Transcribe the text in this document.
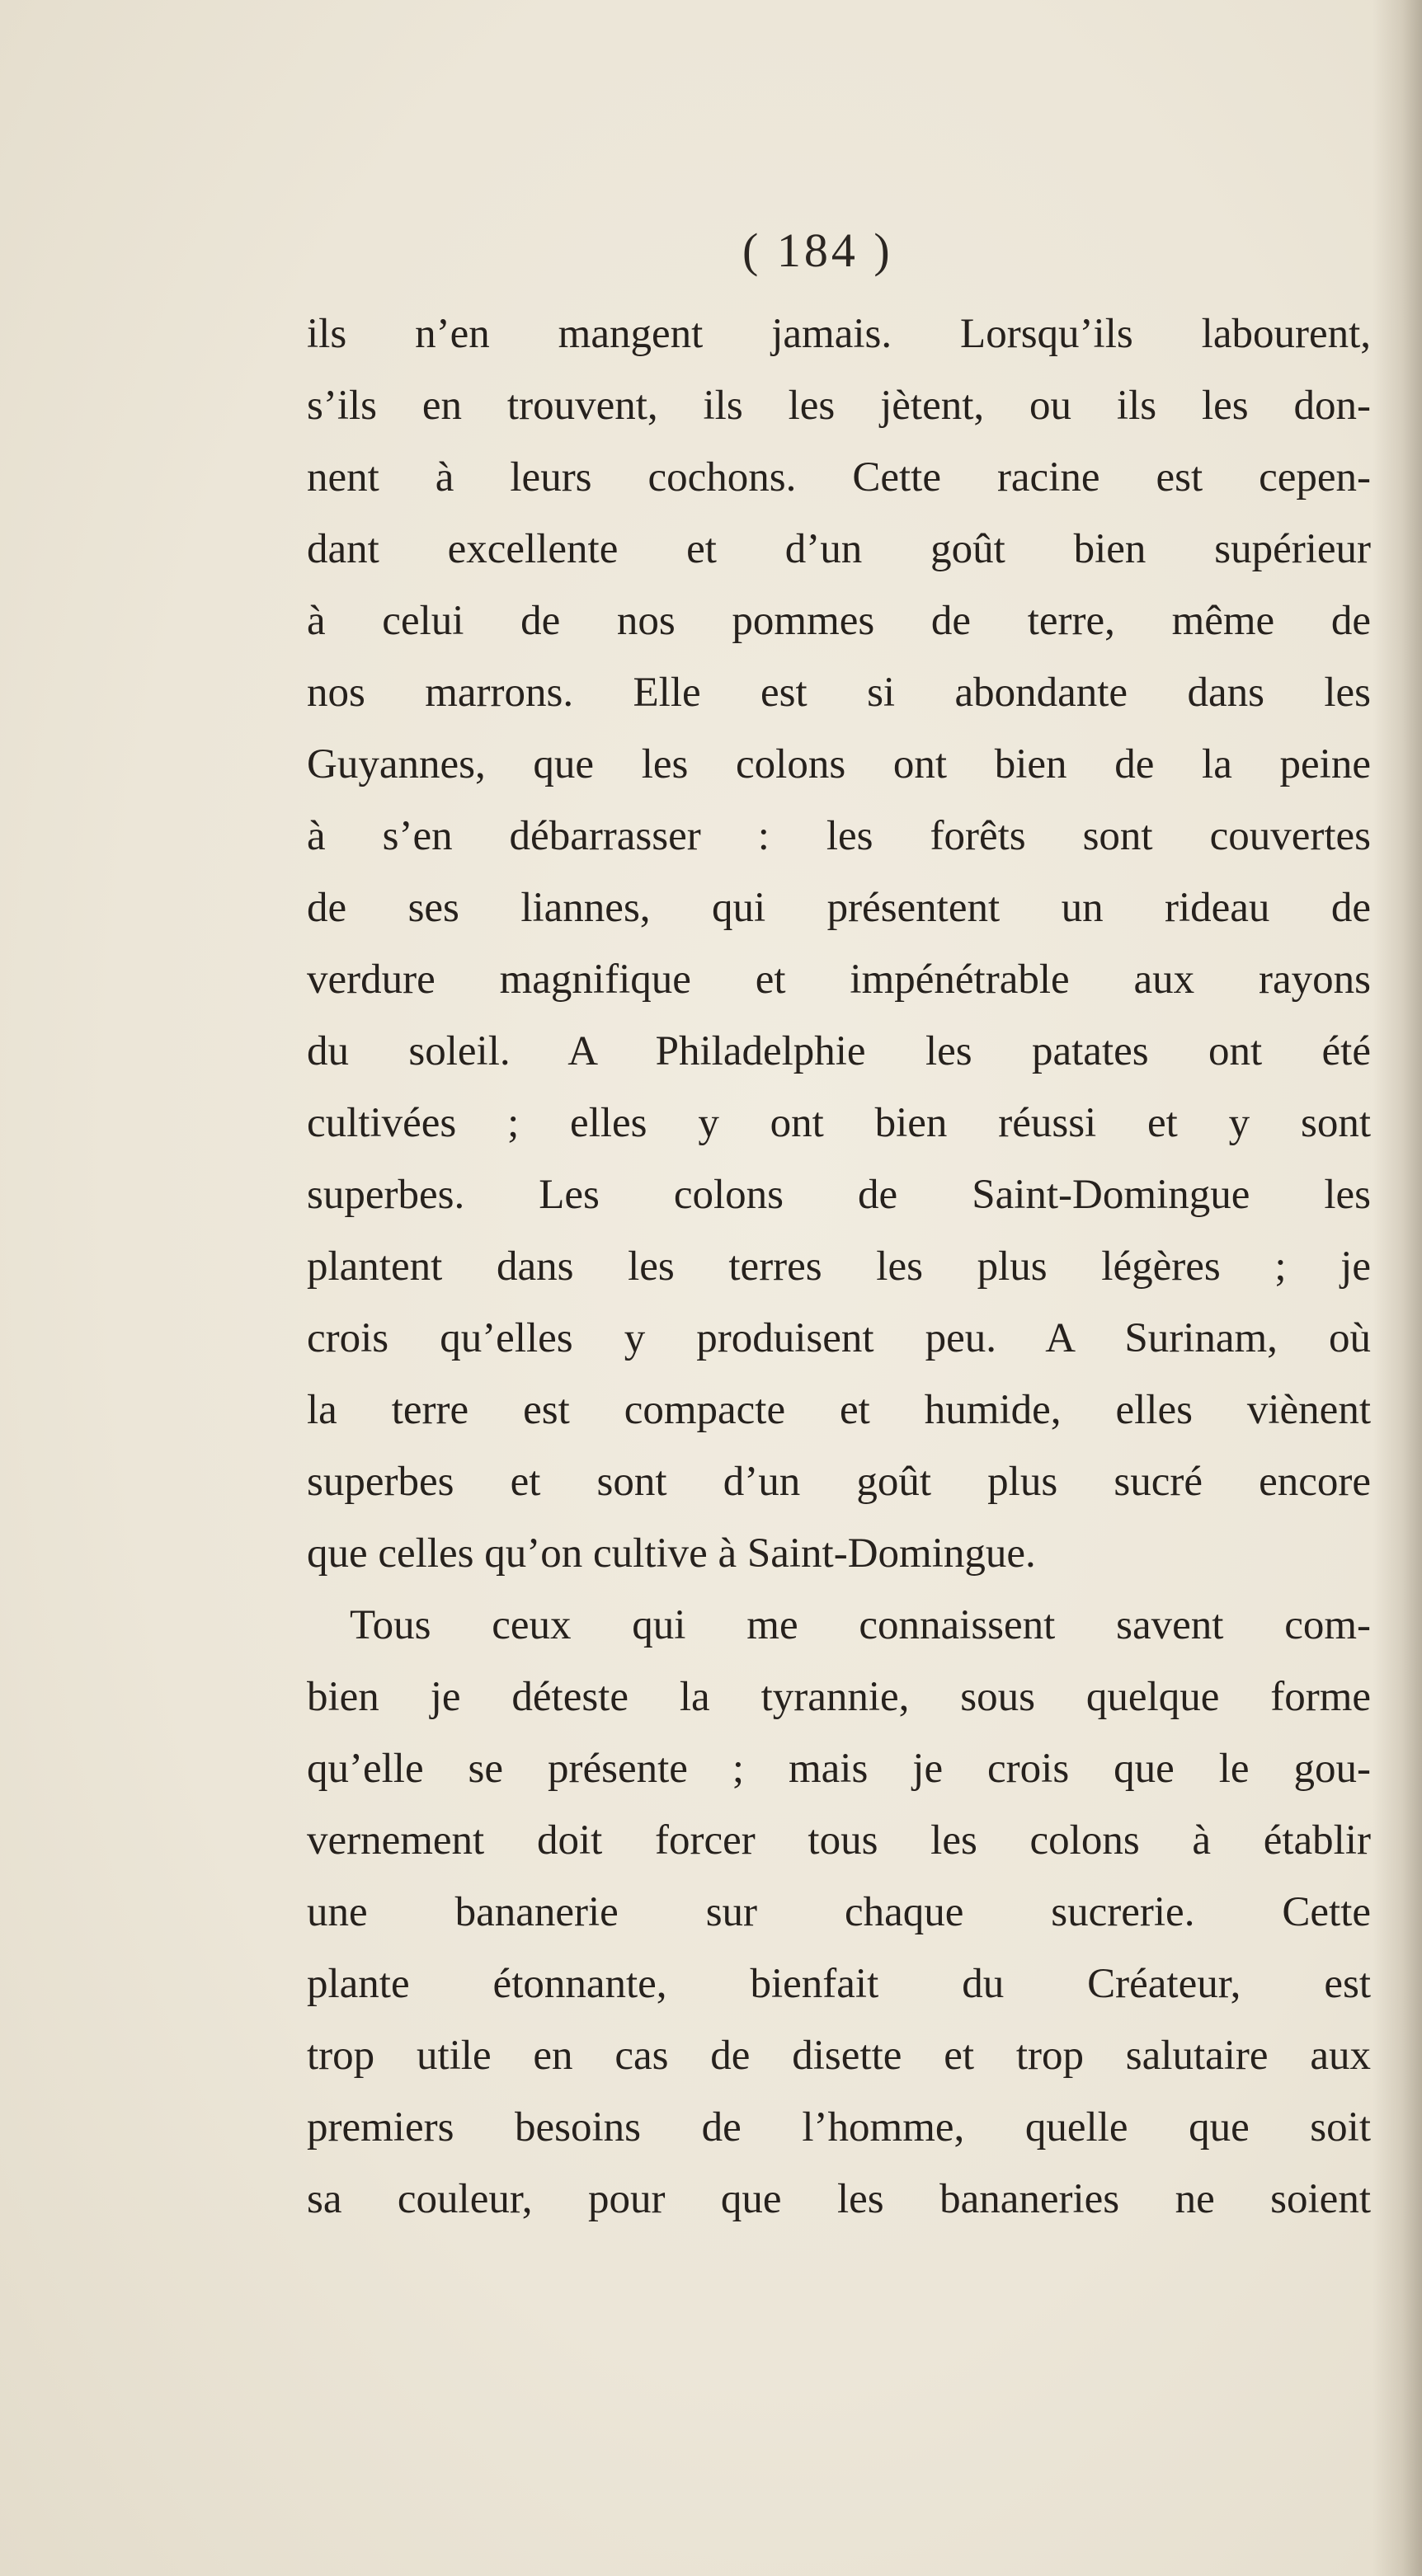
( 184 )
ils n’en mangent jamais. Lorsqu’ils labourent,
s’ils en trouvent, ils les jètent, ou ils les don-
nent à leurs cochons. Cette racine est cepen-
dant excellente et d’un goût bien supérieur
à celui de nos pommes de terre, même de
nos marrons. Elle est si abondante dans les
Guyannes, que les colons ont bien de la peine
à s’en débarrasser : les forêts sont couvertes
de ses liannes, qui présentent un rideau de
verdure magnifique et impénétrable aux rayons
du soleil. A Philadelphie les patates ont été
cultivées ; elles y ont bien réussi et y sont
superbes. Les colons de Saint-Domingue les
plantent dans les terres les plus légères ; je
crois qu’elles y produisent peu. A Surinam, où
la terre est compacte et humide, elles viènent
superbes et sont d’un goût plus sucré encore
que celles qu’on cultive à Saint-Domingue.
Tous ceux qui me connaissent savent com-
bien je déteste la tyrannie, sous quelque forme
qu’elle se présente ; mais je crois que le gou-
vernement doit forcer tous les colons à établir
une bananerie sur chaque sucrerie. Cette
plante étonnante, bienfait du Créateur, est
trop utile en cas de disette et trop salutaire aux
premiers besoins de l’homme, quelle que soit
sa couleur, pour que les bananeries ne soient
